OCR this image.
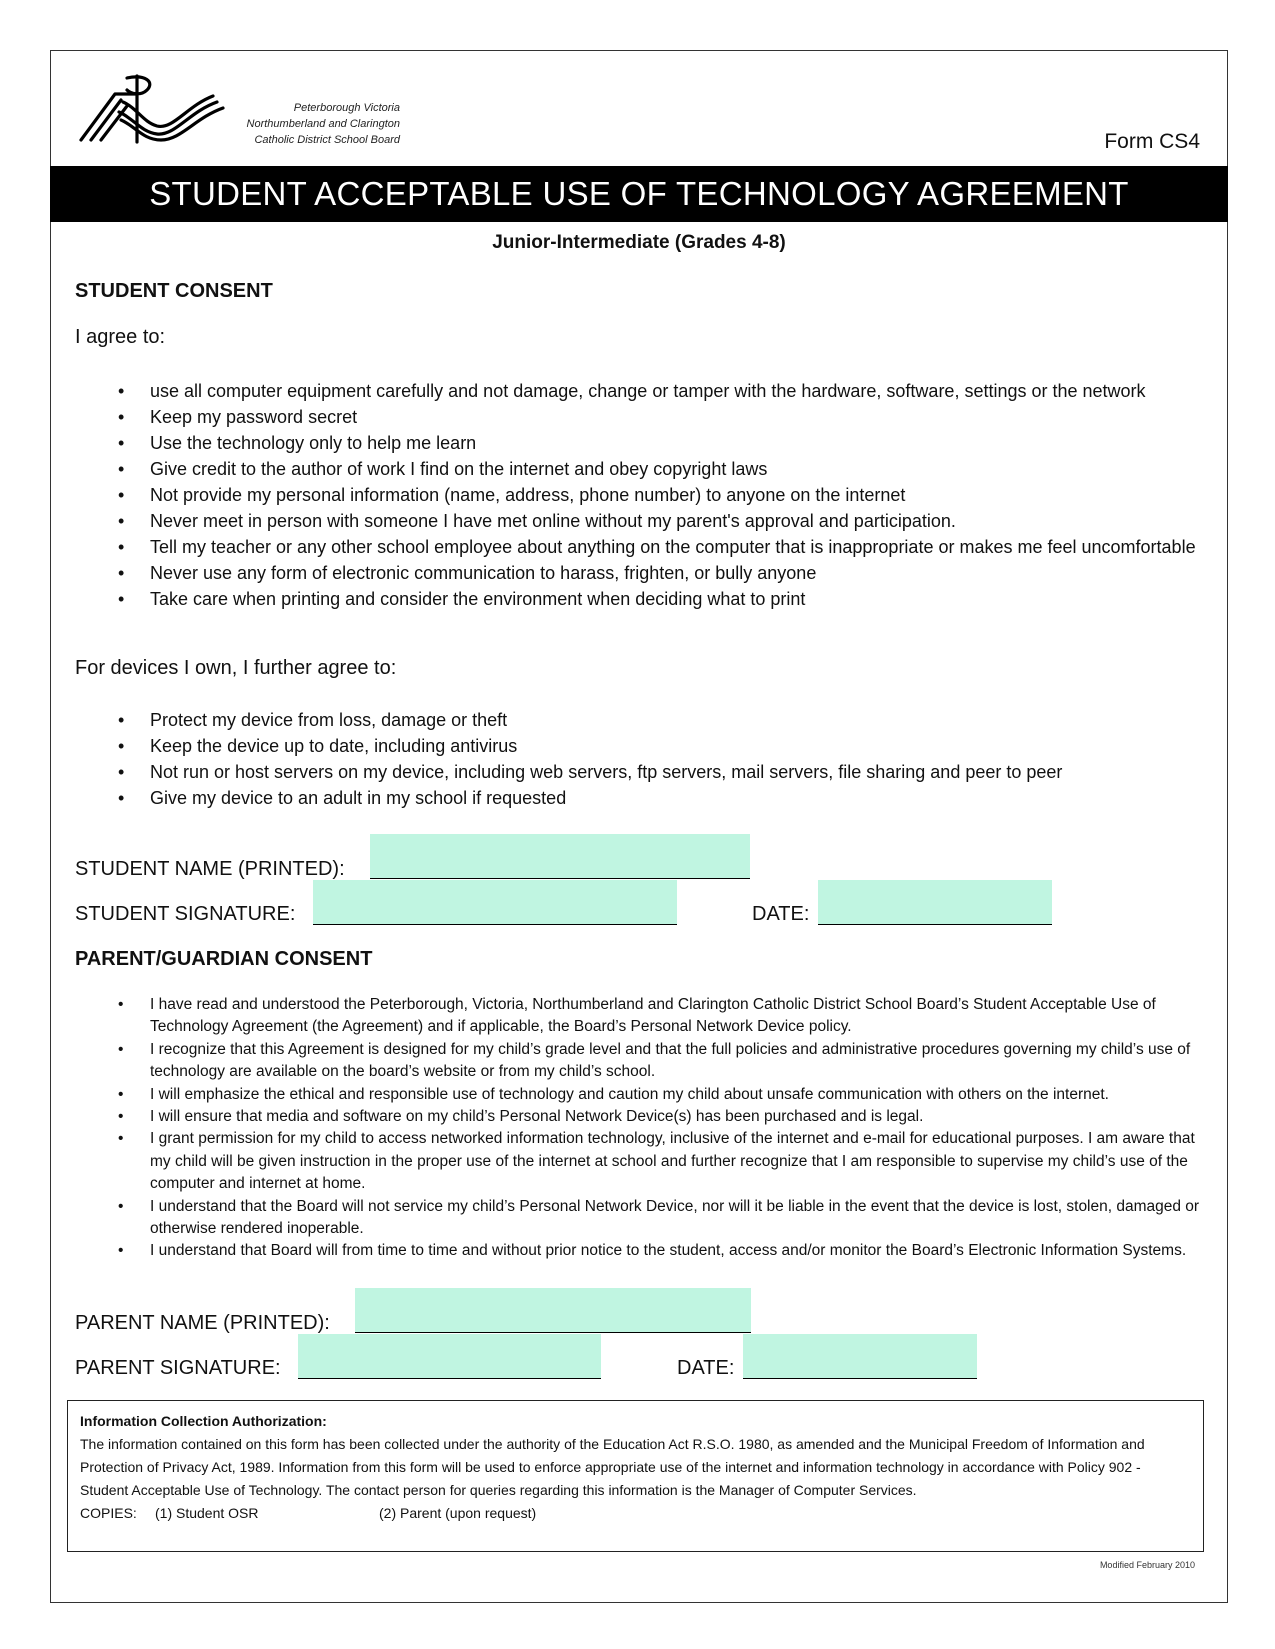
Peterborough Victoria
Northumberland and Clarington
Catholic District School Board	Form CS4
STUDENT ACCEPTABLE USE OF TECHNOLOGY AGREEMENT
Junior-Intermediate (Grades 4-8)
STUDENT CONSENT
I agree to:
• use all computer equipment carefully and not damage, change or tamper with the hardware, software, settings or the network
• Keep my password secret
• Use the technology only to help me learn
• Give credit to the author of work I find on the internet and obey copyright laws
• Not provide my personal information (name, address, phone number) to anyone on the internet
• Never meet in person with someone I have met online without my parent's approval and participation.
• Tell my teacher or any other school employee about anything on the computer that is inappropriate or makes me feel uncomfortable
• Never use any form of electronic communication to harass, frighten, or bully anyone
• Take care when printing and consider the environment when deciding what to print
For devices I own, I further agree to:
• Protect my device from loss, damage or theft
• Keep the device up to date, including antivirus
• Not run or host servers on my device, including web servers, ftp servers, mail servers, file sharing and peer to peer
• Give my device to an adult in my school if requested
STUDENT NAME (PRINTED):
STUDENT SIGNATURE:	DATE:
PARENT/GUARDIAN CONSENT
• I have read and understood the Peterborough, Victoria, Northumberland and Clarington Catholic District School Board’s Student Acceptable Use of Technology Agreement (the Agreement) and if applicable, the Board’s Personal Network Device policy.
• I recognize that this Agreement is designed for my child’s grade level and that the full policies and administrative procedures governing my child’s use of technology are available on the board’s website or from my child’s school.
• I will emphasize the ethical and responsible use of technology and caution my child about unsafe communication with others on the internet.
• I will ensure that media and software on my child’s Personal Network Device(s) has been purchased and is legal.
• I grant permission for my child to access networked information technology, inclusive of the internet and e-mail for educational purposes. I am aware that my child will be given instruction in the proper use of the internet at school and further recognize that I am responsible to supervise my child’s use of the computer and internet at home.
• I understand that the Board will not service my child’s Personal Network Device, nor will it be liable in the event that the device is lost, stolen, damaged or otherwise rendered inoperable.
• I understand that Board will from time to time and without prior notice to the student, access and/or monitor the Board’s Electronic Information Systems.
PARENT NAME (PRINTED):
PARENT SIGNATURE:	DATE:
Information Collection Authorization:
The information contained on this form has been collected under the authority of the Education Act R.S.O. 1980, as amended and the Municipal Freedom of Information and Protection of Privacy Act, 1989. Information from this form will be used to enforce appropriate use of the internet and information technology in accordance with Policy 902 - Student Acceptable Use of Technology. The contact person for queries regarding this information is the Manager of Computer Services.
COPIES: (1) Student OSR	(2) Parent (upon request)
Modified February 2010
